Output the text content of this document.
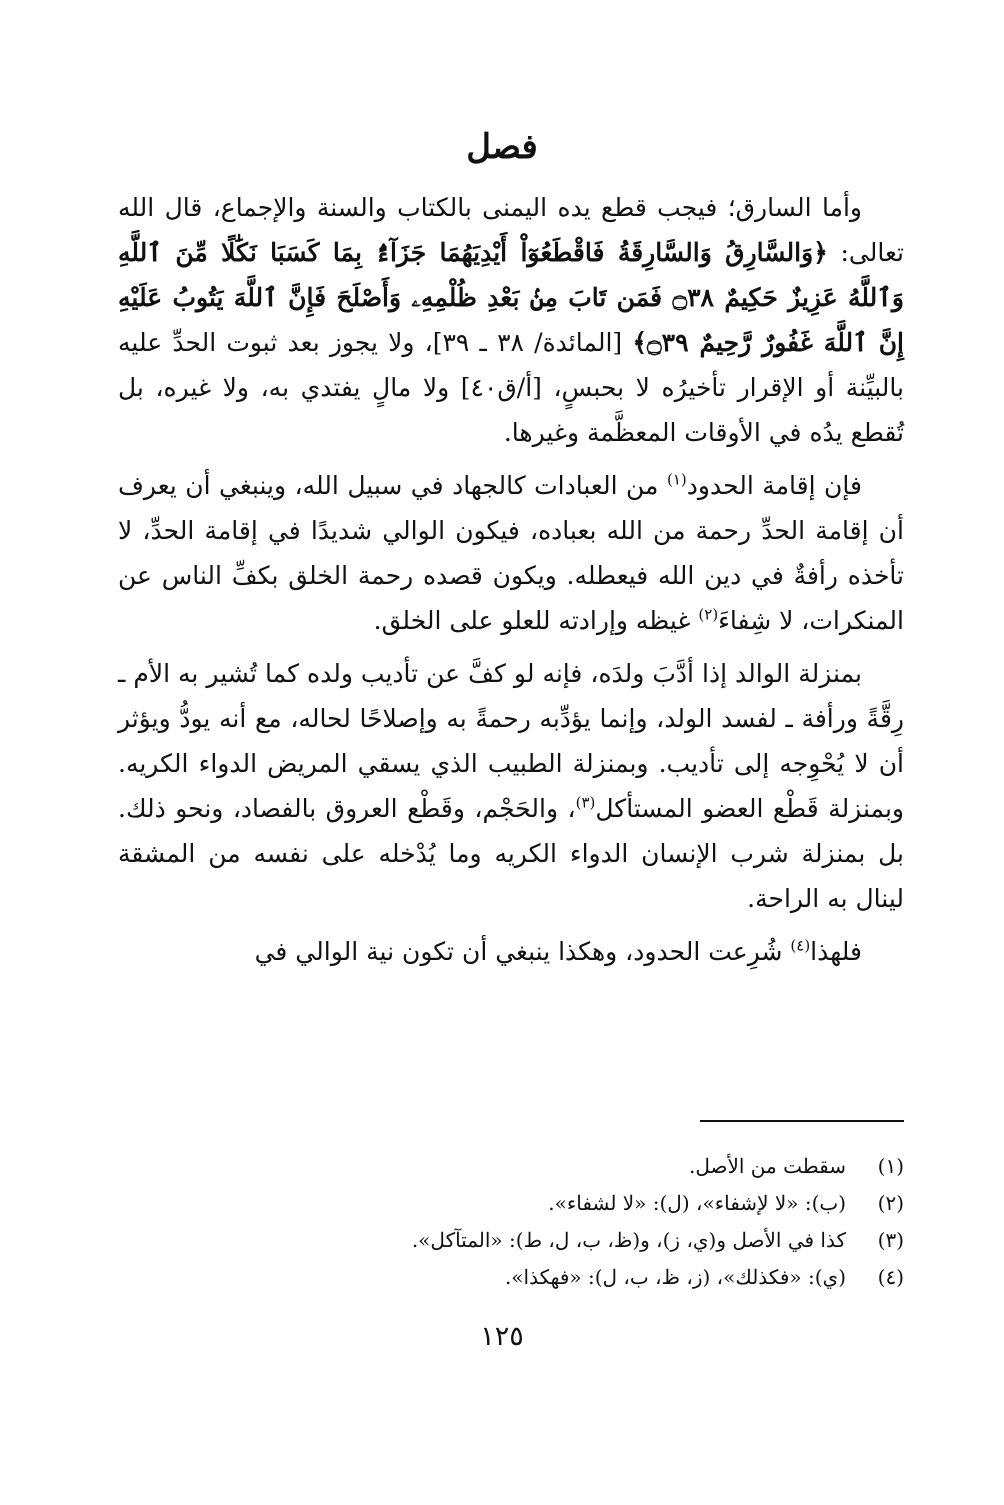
فصل

وأما السارق؛ فيجب قطع يده اليمنى بالكتاب والسنة والإجماع، قال الله تعالى: ﴿وَالسَّارِقُ وَالسَّارِقَةُ فَاقْطَعُوٓاْ أَيْدِيَهُمَا جَزَآءًۢ بِمَا كَسَبَا نَكَٰلًا مِّنَ ٱللَّهِ وَٱللَّهُ عَزِيزٌ حَكِيمٌ ۝٣٨ فَمَن تَابَ مِنۢ بَعْدِ ظُلْمِهِۦ وَأَصْلَحَ فَإِنَّ ٱللَّهَ يَتُوبُ عَلَيْهِ إِنَّ ٱللَّهَ غَفُورٌ رَّحِيمٌ ۝٣٩﴾ [المائدة/ ٣٨ ـ ٣٩]، ولا يجوز بعد ثبوت الحدِّ عليه بالبيِّنة أو الإقرار تأخيرُه لا بحبسٍ، [أ/ق٤٠] ولا مالٍ يفتدي به، ولا غيره، بل تُقطع يدُه في الأوقات المعظَّمة وغيرها.

فإن إقامة الحدود$^{(١)}$ من العبادات كالجهاد في سبيل الله، وينبغي أن يعرف أن إقامة الحدِّ رحمة من الله بعباده، فيكون الوالي شديدًا في إقامة الحدِّ، لا تأخذه رأفةٌ في دين الله فيعطله. ويكون قصده رحمة الخلق بكفِّ الناس عن المنكرات، لا شِفاءَ$^{(٢)}$ غيظه وإرادته للعلو على الخلق.

بمنزلة الوالد إذا أدَّبَ ولدَه، فإنه لو كفَّ عن تأديب ولده كما تُشير به الأم ـ رِقَّةً ورأفة ـ لفسد الولد، وإنما يؤدِّبه رحمةً به وإصلاحًا لحاله، مع أنه يودُّ ويؤثر أن لا يُحْوِجه إلى تأديب. وبمنزلة الطبيب الذي يسقي المريض الدواء الكريه. وبمنزلة قَطْع العضو المستأكل$^{(٣)}$، والحَجْم، وقَطْع العروق بالفصاد، ونحو ذلك. بل بمنزلة شرب الإنسان الدواء الكريه وما يُدْخله على نفسه من المشقة لينال به الراحة.

فلهذا$^{(٤)}$ شُرِعت الحدود، وهكذا ينبغي أن تكون نية الوالي في

(١)
سقطت من الأصل.
(٢)
(ب): «لا لإشفاء»، (ل): «لا لشفاء».
(٣)
كذا في الأصل و(ي، ز)، و(ظ، ب، ل، ط): «المتآكل».
(٤)
(ي): «فكذلك»، (ز، ظ، ب، ل): «فهكذا».
١٢٥
